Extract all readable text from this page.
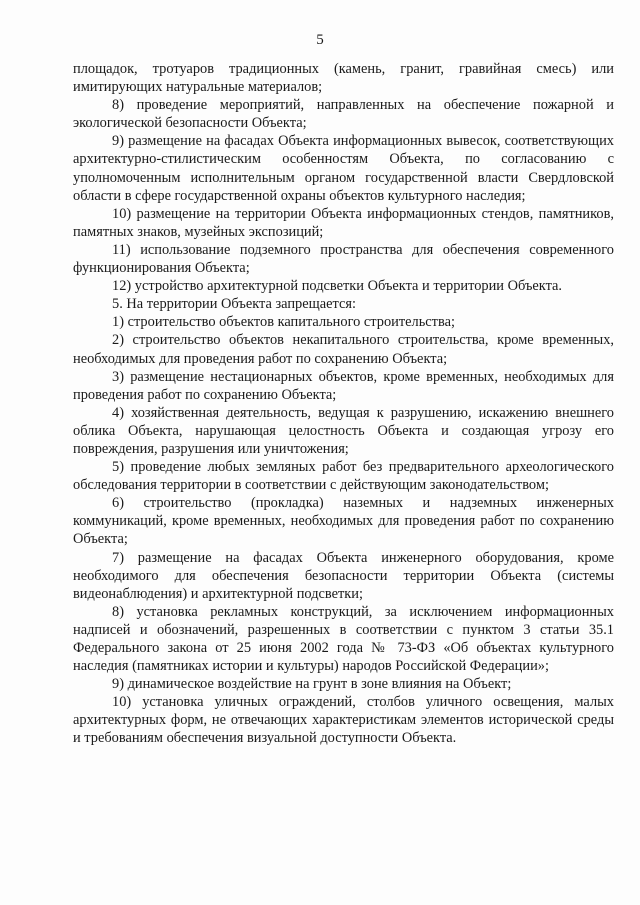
5

площадок, тротуаров традиционных (камень, гранит, гравийная смесь) или имитирующих натуральные материалов;

8) проведение мероприятий, направленных на обеспечение пожарной и экологической безопасности Объекта;

9) размещение на фасадах Объекта информационных вывесок, соответствующих архитектурно-стилистическим особенностям Объекта, по согласованию с уполномоченным исполнительным органом государственной власти Свердловской области в сфере государственной охраны объектов культурного наследия;

10) размещение на территории Объекта информационных стендов, памятников, памятных знаков, музейных экспозиций;

11) использование подземного пространства для обеспечения современного функционирования Объекта;

12) устройство архитектурной подсветки Объекта и территории Объекта.

5. На территории Объекта запрещается:

1) строительство объектов капитального строительства;

2) строительство объектов некапитального строительства, кроме временных, необходимых для проведения работ по сохранению Объекта;

3) размещение нестационарных объектов, кроме временных, необходимых для проведения работ по сохранению Объекта;

4) хозяйственная деятельность, ведущая к разрушению, искажению внешнего облика Объекта, нарушающая целостность Объекта и создающая угрозу его повреждения, разрушения или уничтожения;

5) проведение любых земляных работ без предварительного археологического обследования территории в соответствии с действующим законодательством;

6) строительство (прокладка) наземных и надземных инженерных коммуникаций, кроме временных, необходимых для проведения работ по сохранению Объекта;

7) размещение на фасадах Объекта инженерного оборудования, кроме необходимого для обеспечения безопасности территории Объекта (системы видеонаблюдения) и архитектурной подсветки;

8) установка рекламных конструкций, за исключением информационных надписей и обозначений, разрешенных в соответствии с пунктом 3 статьи 35.1 Федерального закона от 25 июня 2002 года № 73-ФЗ «Об объектах культурного наследия (памятниках истории и культуры) народов Российской Федерации»;

9) динамическое воздействие на грунт в зоне влияния на Объект;

10) установка уличных ограждений, столбов уличного освещения, малых архитектурных форм, не отвечающих характеристикам элементов исторической среды и требованиям обеспечения визуальной доступности Объекта.
